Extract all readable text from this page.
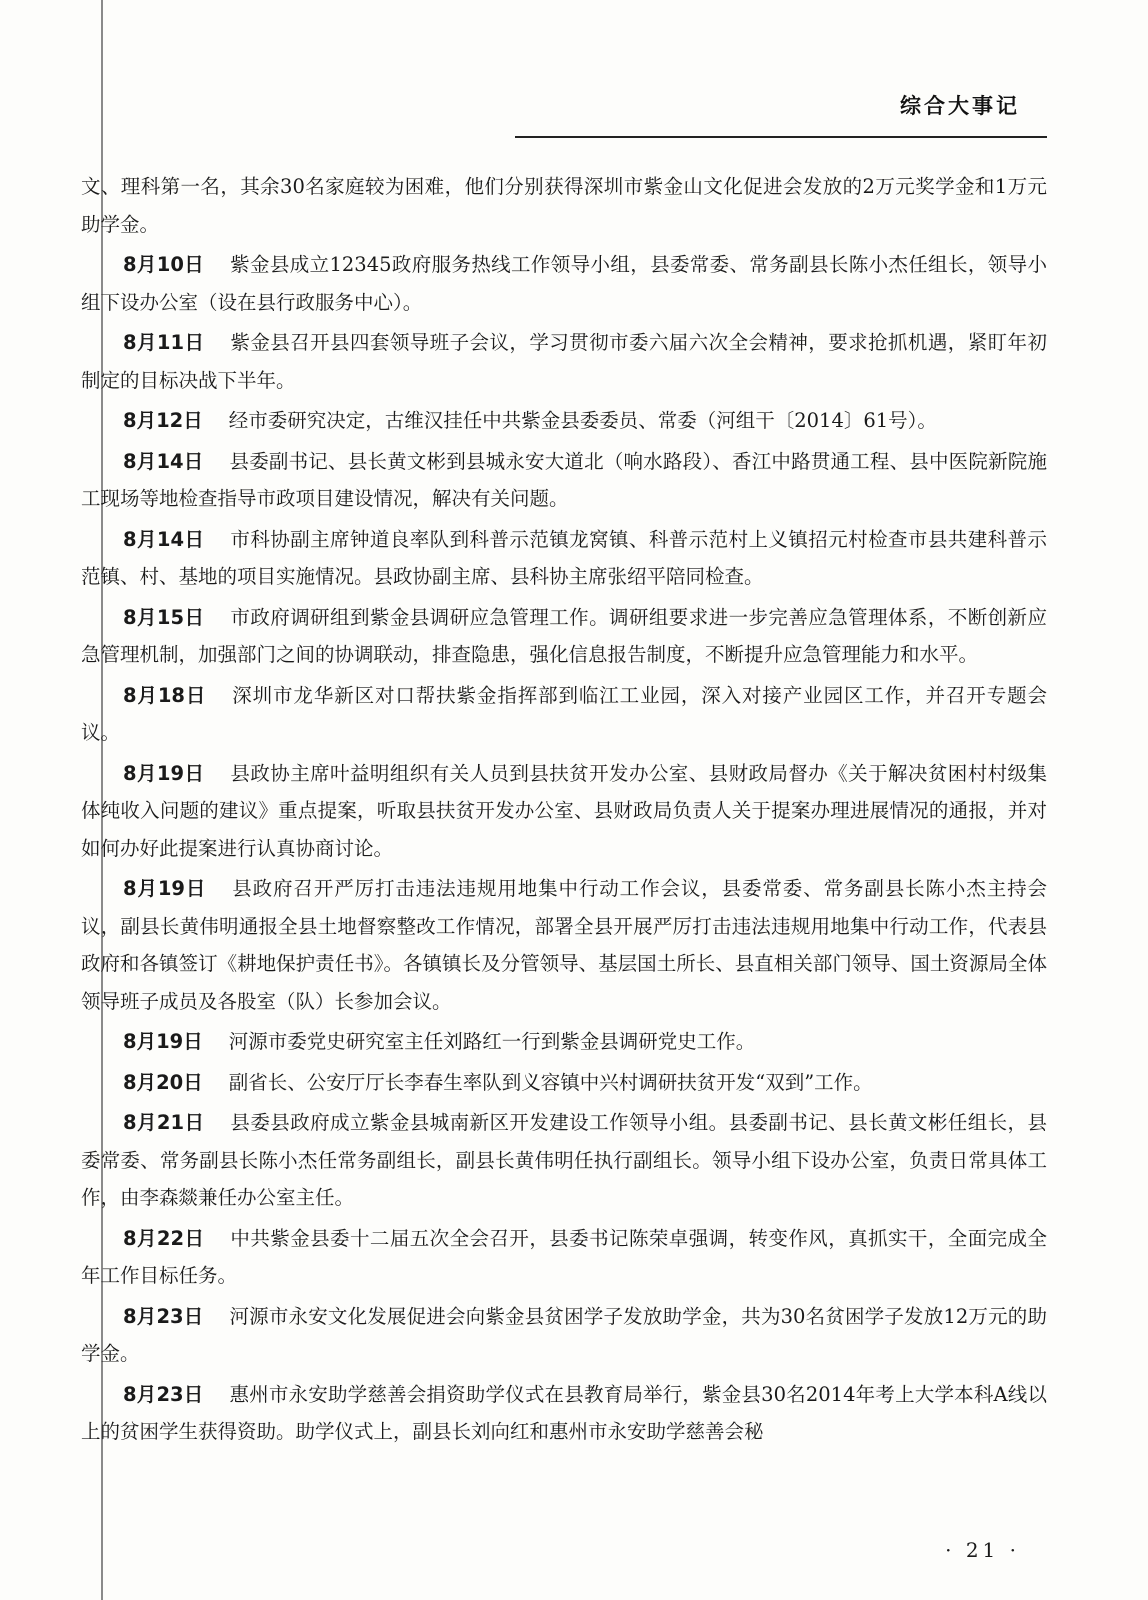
综合大事记

文、理科第一名，其余30名家庭较为困难，他们分别获得深圳市紫金山文化促进会发放的2万元奖学金和1万元助学金。

8月10日 紫金县成立12345政府服务热线工作领导小组，县委常委、常务副县长陈小杰任组长，领导小组下设办公室（设在县行政服务中心）。

8月11日 紫金县召开县四套领导班子会议，学习贯彻市委六届六次全会精神，要求抢抓机遇，紧盯年初制定的目标决战下半年。

8月12日 经市委研究决定，古维汉挂任中共紫金县委委员、常委（河组干〔2014〕61号）。

8月14日 县委副书记、县长黄文彬到县城永安大道北（响水路段）、香江中路贯通工程、县中医院新院施工现场等地检查指导市政项目建设情况，解决有关问题。

8月14日 市科协副主席钟道良率队到科普示范镇龙窝镇、科普示范村上义镇招元村检查市县共建科普示范镇、村、基地的项目实施情况。县政协副主席、县科协主席张绍平陪同检查。

8月15日 市政府调研组到紫金县调研应急管理工作。调研组要求进一步完善应急管理体系，不断创新应急管理机制，加强部门之间的协调联动，排查隐患，强化信息报告制度，不断提升应急管理能力和水平。

8月18日 深圳市龙华新区对口帮扶紫金指挥部到临江工业园，深入对接产业园区工作，并召开专题会议。

8月19日 县政协主席叶益明组织有关人员到县扶贫开发办公室、县财政局督办《关于解决贫困村村级集体纯收入问题的建议》重点提案，听取县扶贫开发办公室、县财政局负责人关于提案办理进展情况的通报，并对如何办好此提案进行认真协商讨论。

8月19日 县政府召开严厉打击违法违规用地集中行动工作会议，县委常委、常务副县长陈小杰主持会议，副县长黄伟明通报全县土地督察整改工作情况，部署全县开展严厉打击违法违规用地集中行动工作，代表县政府和各镇签订《耕地保护责任书》。各镇镇长及分管领导、基层国土所长、县直相关部门领导、国土资源局全体领导班子成员及各股室（队）长参加会议。

8月19日 河源市委党史研究室主任刘路红一行到紫金县调研党史工作。

8月20日 副省长、公安厅厅长李春生率队到义容镇中兴村调研扶贫开发“双到”工作。

8月21日 县委县政府成立紫金县城南新区开发建设工作领导小组。县委副书记、县长黄文彬任组长，县委常委、常务副县长陈小杰任常务副组长，副县长黄伟明任执行副组长。领导小组下设办公室，负责日常具体工作，由李森燚兼任办公室主任。

8月22日 中共紫金县委十二届五次全会召开，县委书记陈荣卓强调，转变作风，真抓实干，全面完成全年工作目标任务。

8月23日 河源市永安文化发展促进会向紫金县贫困学子发放助学金，共为30名贫困学子发放12万元的助学金。

8月23日 惠州市永安助学慈善会捐资助学仪式在县教育局举行，紫金县30名2014年考上大学本科A线以上的贫困学生获得资助。助学仪式上，副县长刘向红和惠州市永安助学慈善会秘

· 21 ·
